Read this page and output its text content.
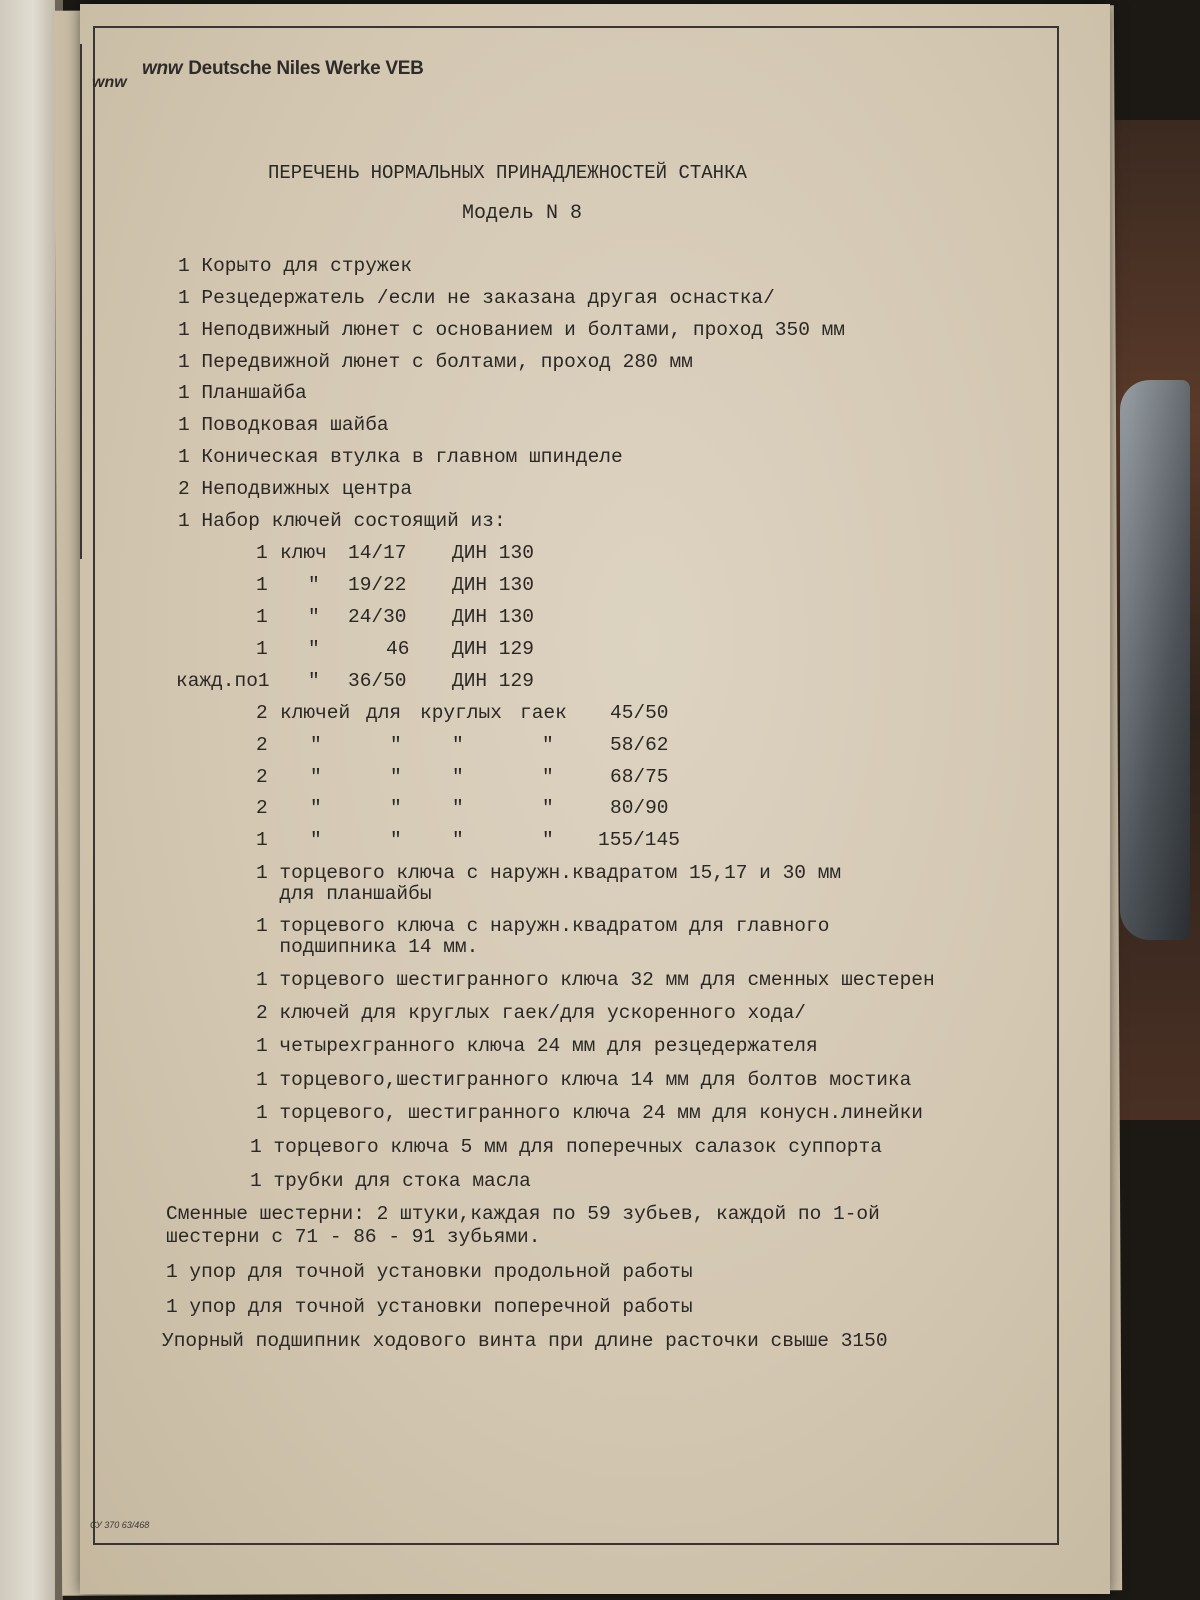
wnw
wnw Deutsche Niles Werke VEB
ПЕРЕЧЕНЬ НОРМАЛЬНЫХ ПРИНАДЛЕЖНОСТЕЙ СТАНКА
Модель N 8
1 Корыто для стружек
1 Резцедержатель /если не заказана другая оснастка/
1 Неподвижный люнет с основанием и болтами, проход 350 мм
1 Передвижной люнет с болтами, проход 280 мм
1 Планшайба
1 Поводковая шайба
1 Коническая втулка в главном шпинделе
2 Неподвижных центра
1 Набор ключей состоящий из:
1 ключ 14/17 ДИН 130
1 " 19/22 ДИН 130
1 " 24/30 ДИН 130
1 "	46 ДИН 129
кажд.по1 " 36/50 ДИН 129
2 ключей для круглых гаек 45/50
2 "	"	"	"	58/62
2 "	"	"	"	68/75
2 "	"	"	"	80/90
1 "	"	"	" 155/145
1 торцевого ключа с наружн.квадратом 15,17 и 30 мм
для планшайбы
1 торцевого ключа с наружн.квадратом для главного
подшипника 14 мм.
1 торцевого шестигранного ключа 32 мм для сменных шестерен
2 ключей для круглых гаек/для ускоренного хода/
1 четырехгранного ключа 24 мм для резцедержателя
1 торцевого,шестигранного ключа 14 мм для болтов мостика
1 торцевого, шестигранного ключа 24 мм для конусн.линейки
1 торцевого ключа 5 мм для поперечных салазок суппорта
1 трубки для стока масла
Сменные шестерни: 2 штуки,каждая по 59 зубьев, каждой по 1-ой
шестерни с 71 - 86 - 91 зубьями.
1 упор для точной установки продольной работы
1 упор для точной установки поперечной работы
Упорный подшипник ходового винта при длине расточки свыше 3150
СУ 370 63/468
